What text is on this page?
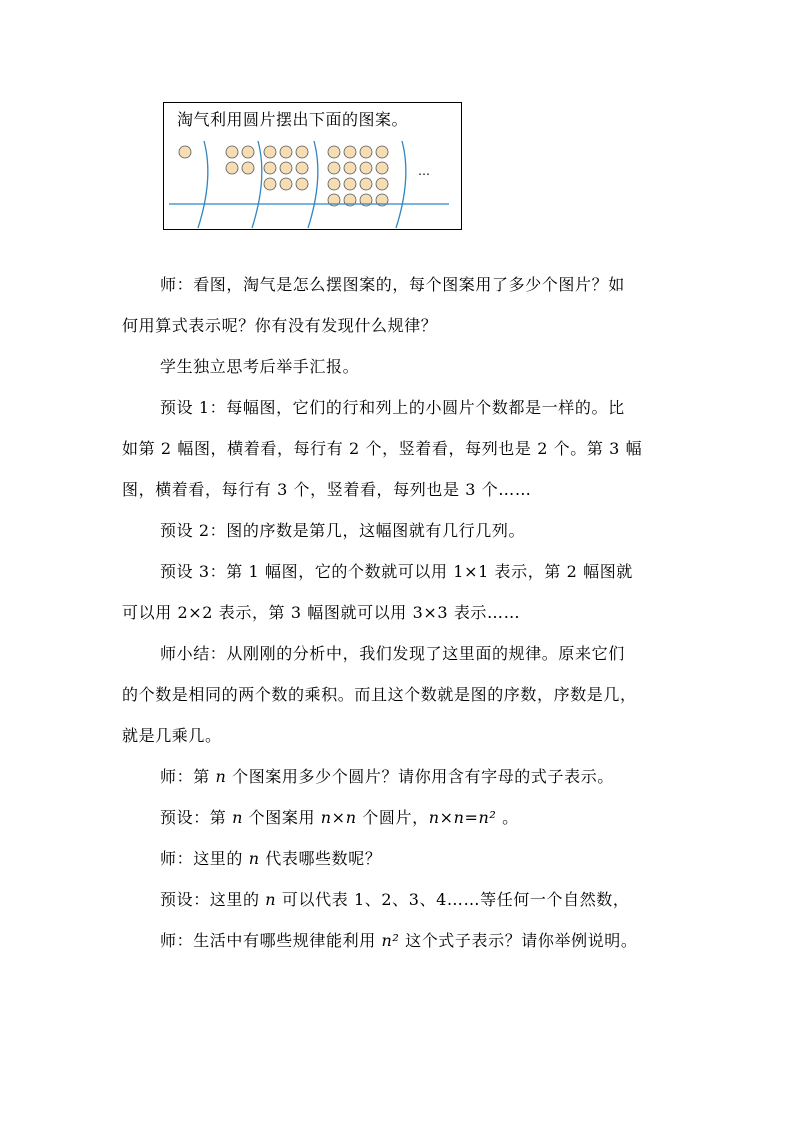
淘气利用圆片摆出下面的图案。
…
师：看图，淘气是怎么摆图案的，每个图案用了多少个图片？如
何用算式表示呢？你有没有发现什么规律？
学生独立思考后举手汇报。
预设 1：每幅图，它们的行和列上的小圆片个数都是一样的。比
如第 2 幅图，横着看，每行有 2 个，竖着看，每列也是 2 个。第 3 幅
图，横着看，每行有 3 个，竖着看，每列也是 3 个……
预设 2：图的序数是第几，这幅图就有几行几列。
预设 3：第 1 幅图，它的个数就可以用 1×1 表示，第 2 幅图就
可以用 2×2 表示，第 3 幅图就可以用 3×3 表示……
师小结：从刚刚的分析中，我们发现了这里面的规律。原来它们
的个数是相同的两个数的乘积。而且这个数就是图的序数，序数是几，
就是几乘几。
师：第 n 个图案用多少个圆片？请你用含有字母的式子表示。
预设：第 n 个图案用 n×n 个圆片，n×n=n² 。
师：这里的 n 代表哪些数呢？
预设：这里的 n 可以代表 1、2、3、4……等任何一个自然数，
师：生活中有哪些规律能利用 n² 这个式子表示？请你举例说明。
